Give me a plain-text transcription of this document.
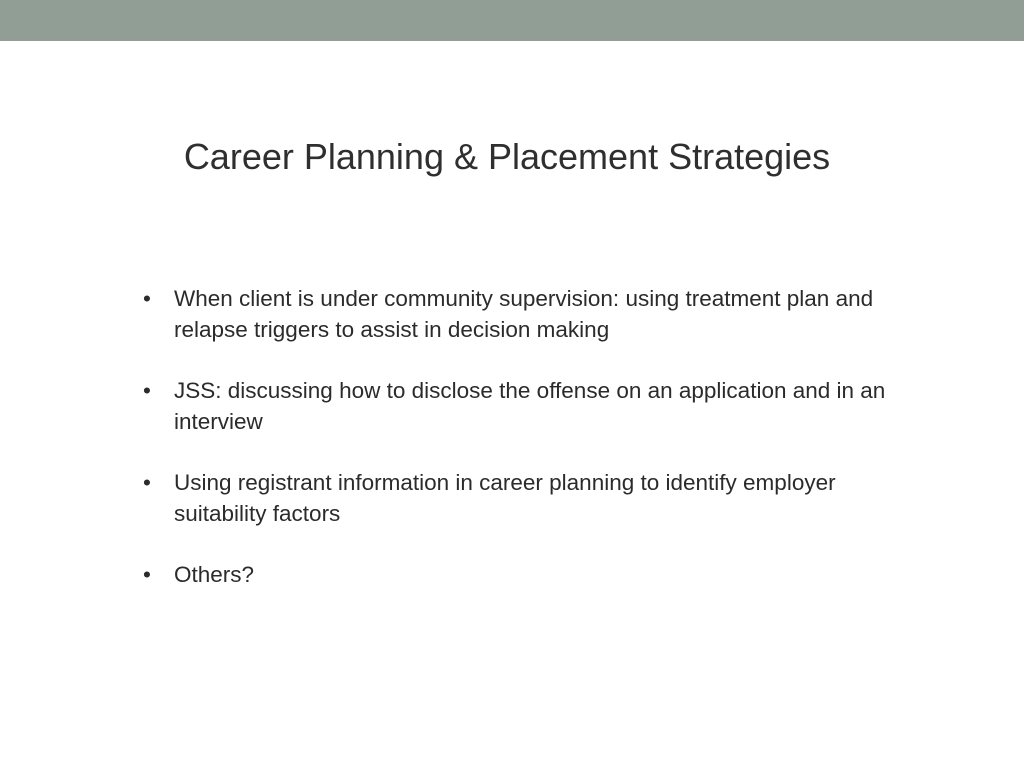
Career Planning & Placement Strategies
• When client is under community supervision: using treatment plan and relapse triggers to assist in decision making
• JSS: discussing how to disclose the offense on an application and in an interview
• Using registrant information in career planning to identify employer suitability factors
• Others?
